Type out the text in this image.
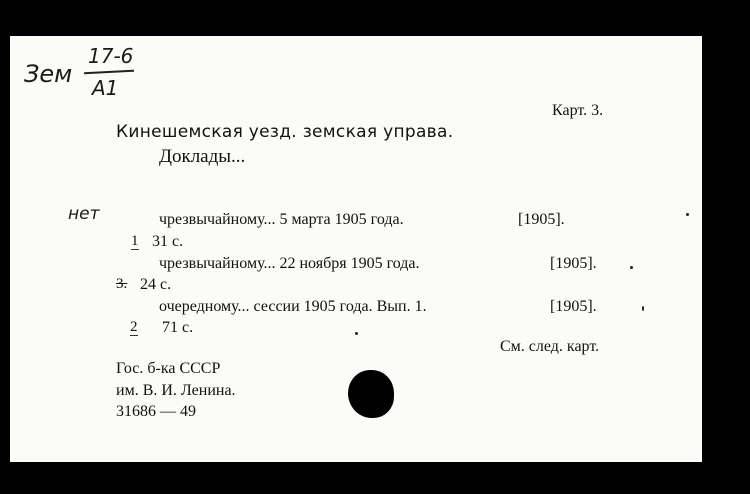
Зем
17-6
A1
Карт. 3.
Кинешемская уезд. земская управа.
Доклады...
нет	чрезвычайному... 5 марта 1905 года.	[1905].
1 31 с.
чрезвычайному... 22 ноября 1905 года.	[1905].
3. 24 с.
очередному... сессии 1905 года. Вып. 1.	[1905].
2 71 с.
См. след. карт.
Гос. б-ка СССР
им. В. И. Ленина.
31686 — 49
